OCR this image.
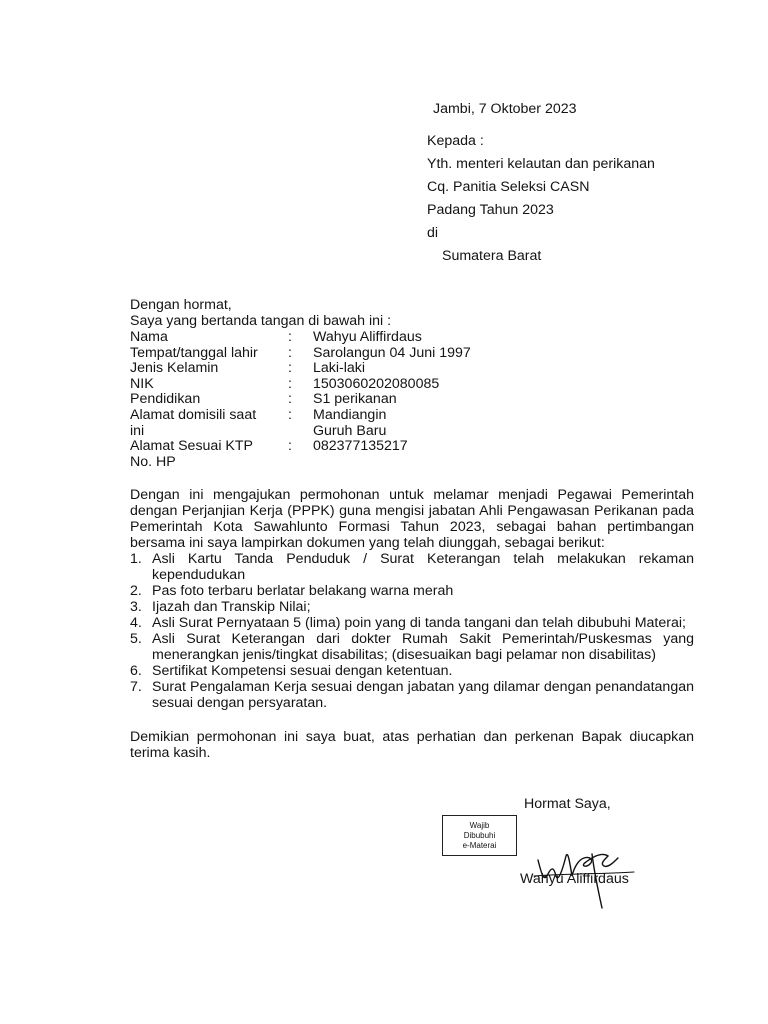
Jambi, 7 Oktober 2023
Kepada :
Yth. menteri kelautan dan perikanan
Cq. Panitia Seleksi CASN
Padang Tahun 2023
di
Sumatera Barat
Dengan hormat,
Saya yang bertanda tangan di bawah ini :
Nama	:	Wahyu Aliffirdaus
Tempat/tanggal lahir	:	Sarolangun 04 Juni 1997
Jenis Kelamin	:	Laki-laki
NIK	:	1503060202080085
Pendidikan	:	S1 perikanan
Alamat domisili saat	:	Mandiangin
ini	Guruh Baru
Alamat Sesuai KTP	:	082377135217
No. HP
Dengan ini mengajukan permohonan untuk melamar menjadi Pegawai Pemerintah dengan Perjanjian Kerja (PPPK) guna mengisi jabatan Ahli Pengawasan Perikanan pada Pemerintah Kota Sawahlunto Formasi Tahun 2023, sebagai bahan pertimbangan bersama ini saya lampirkan dokumen yang telah diunggah, sebagai berikut:
1. Asli Kartu Tanda Penduduk / Surat Keterangan telah melakukan rekaman kependudukan
2. Pas foto terbaru berlatar belakang warna merah
3. Ijazah dan Transkip Nilai;
4. Asli Surat Pernyataan 5 (lima) poin yang di tanda tangani dan telah dibubuhi Materai;
5. Asli Surat Keterangan dari dokter Rumah Sakit Pemerintah/Puskesmas yang menerangkan jenis/tingkat disabilitas; (disesuaikan bagi pelamar non disabilitas)
6. Sertifikat Kompetensi sesuai dengan ketentuan.
7. Surat Pengalaman Kerja sesuai dengan jabatan yang dilamar dengan penandatangan sesuai dengan persyaratan.
Demikian permohonan ini saya buat, atas perhatian dan perkenan Bapak diucapkan terima kasih.
Hormat Saya,
Wajib
Dibubuhi
e-Materai
Wahyu Aliffirdaus
